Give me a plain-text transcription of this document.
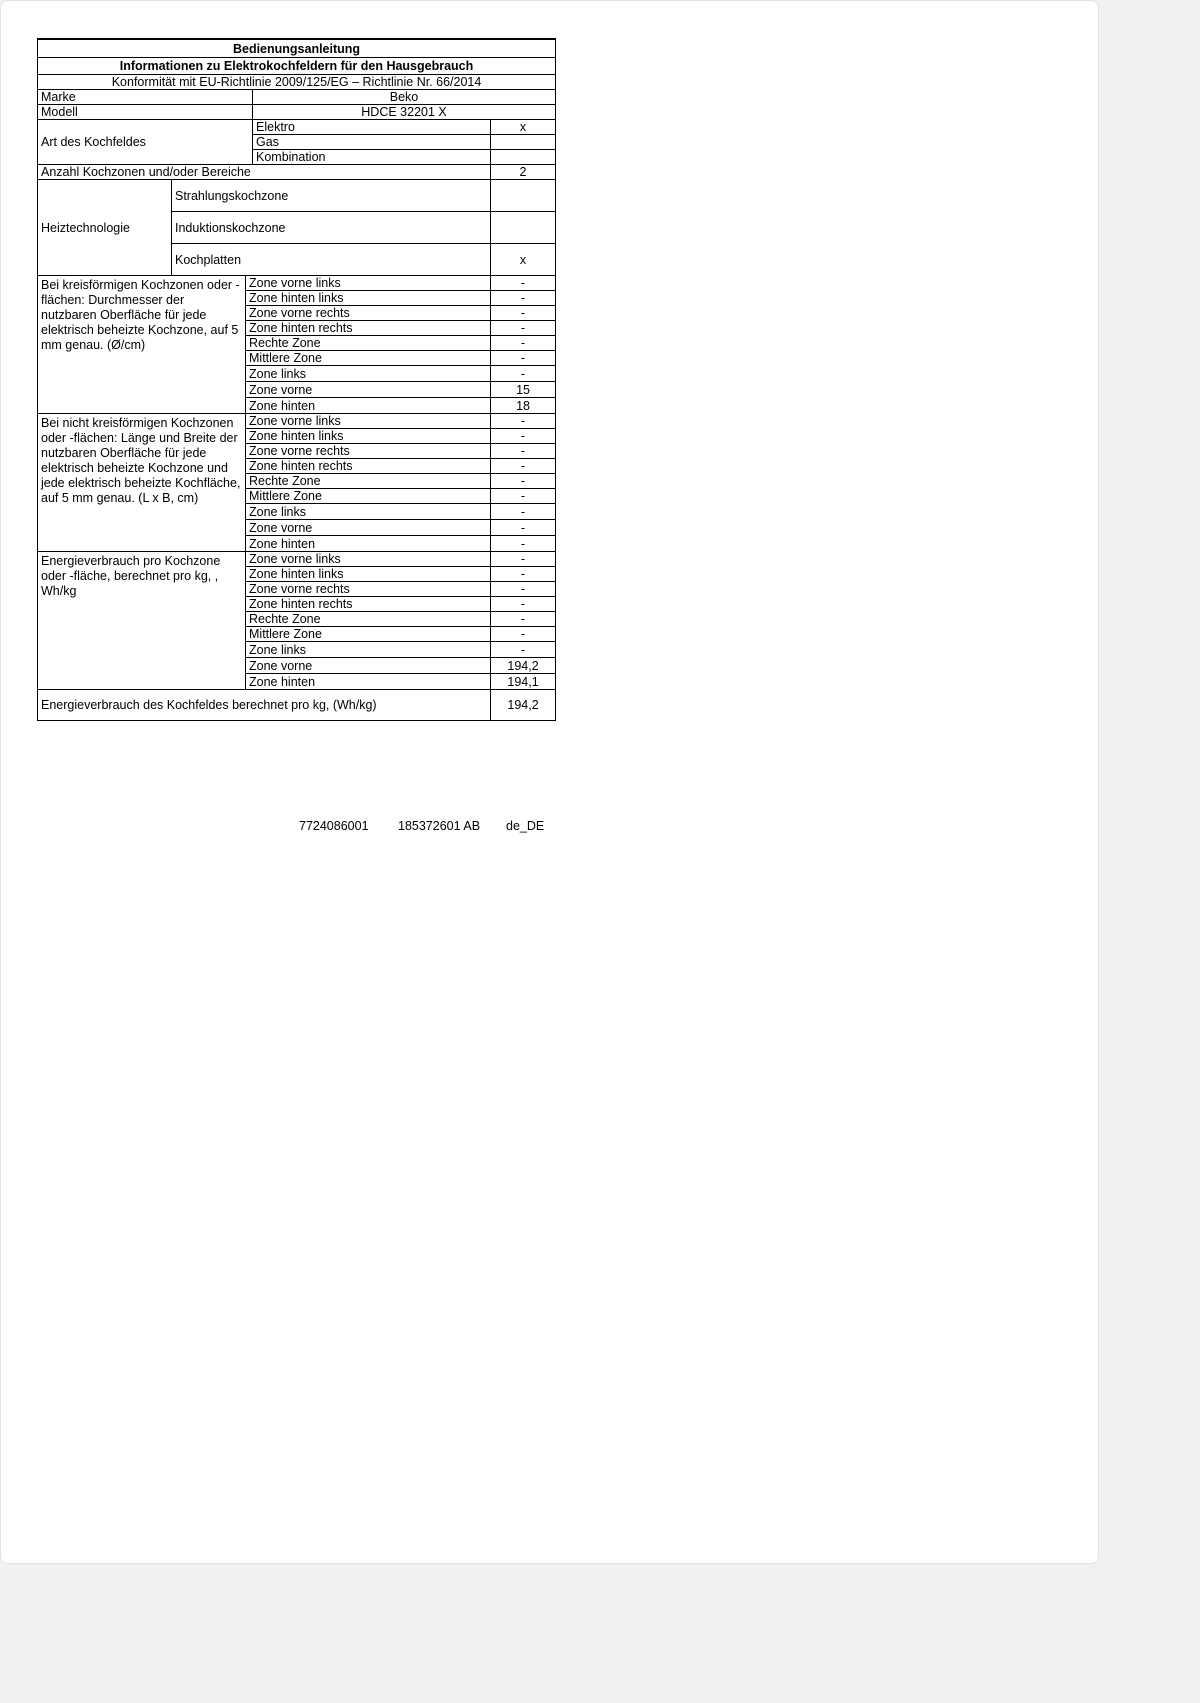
Bedienungsanleitung				
Informationen zu Elektrokochfeldern für den Hausgebrauch				
Konformität mit EU-Richtlinie 2009/125/EG – Richtlinie Nr. 66/2014				
Marke			Beko	
Modell			HDCE 32201 X	
Art des Kochfeldes			Elektro	x
			Gas	
			Kombination	
Anzahl Kochzonen und/oder Bereiche				2
Heiztechnologie	Strahlungskochzone			
	Induktionskochzone			
	Kochplatten			x
Bei kreisförmigen Kochzonen oder -flächen: Durchmesser der nutzbaren Oberfläche für jede elektrisch beheizte Kochzone, auf 5 mm genau. (Ø/cm)		Zone vorne links		-
		Zone hinten links		-
		Zone vorne rechts		-
		Zone hinten rechts		-
		Rechte Zone		-
		Mittlere Zone		-
		Zone links		-
		Zone vorne		15
		Zone hinten		18
Bei nicht kreisförmigen Kochzonen oder -flächen: Länge und Breite der nutzbaren Oberfläche für jede elektrisch beheizte Kochzone und jede elektrisch beheizte Kochfläche, auf 5 mm genau. (L x B, cm)		Zone vorne links		-
		Zone hinten links		-
		Zone vorne rechts		-
		Zone hinten rechts		-
		Rechte Zone		-
		Mittlere Zone		-
		Zone links		-
		Zone vorne		-
		Zone hinten		-
Energieverbrauch pro Kochzone oder -fläche, berechnet pro kg, , Wh/kg		Zone vorne links		-
		Zone hinten links		-
		Zone vorne rechts		-
		Zone hinten rechts		-
		Rechte Zone		-
		Mittlere Zone		-
		Zone links		-
		Zone vorne		194,2
		Zone hinten		194,1
Energieverbrauch des Kochfeldes berechnet pro kg, (Wh/kg)				194,2
7724086001 185372601 AB de_DE
